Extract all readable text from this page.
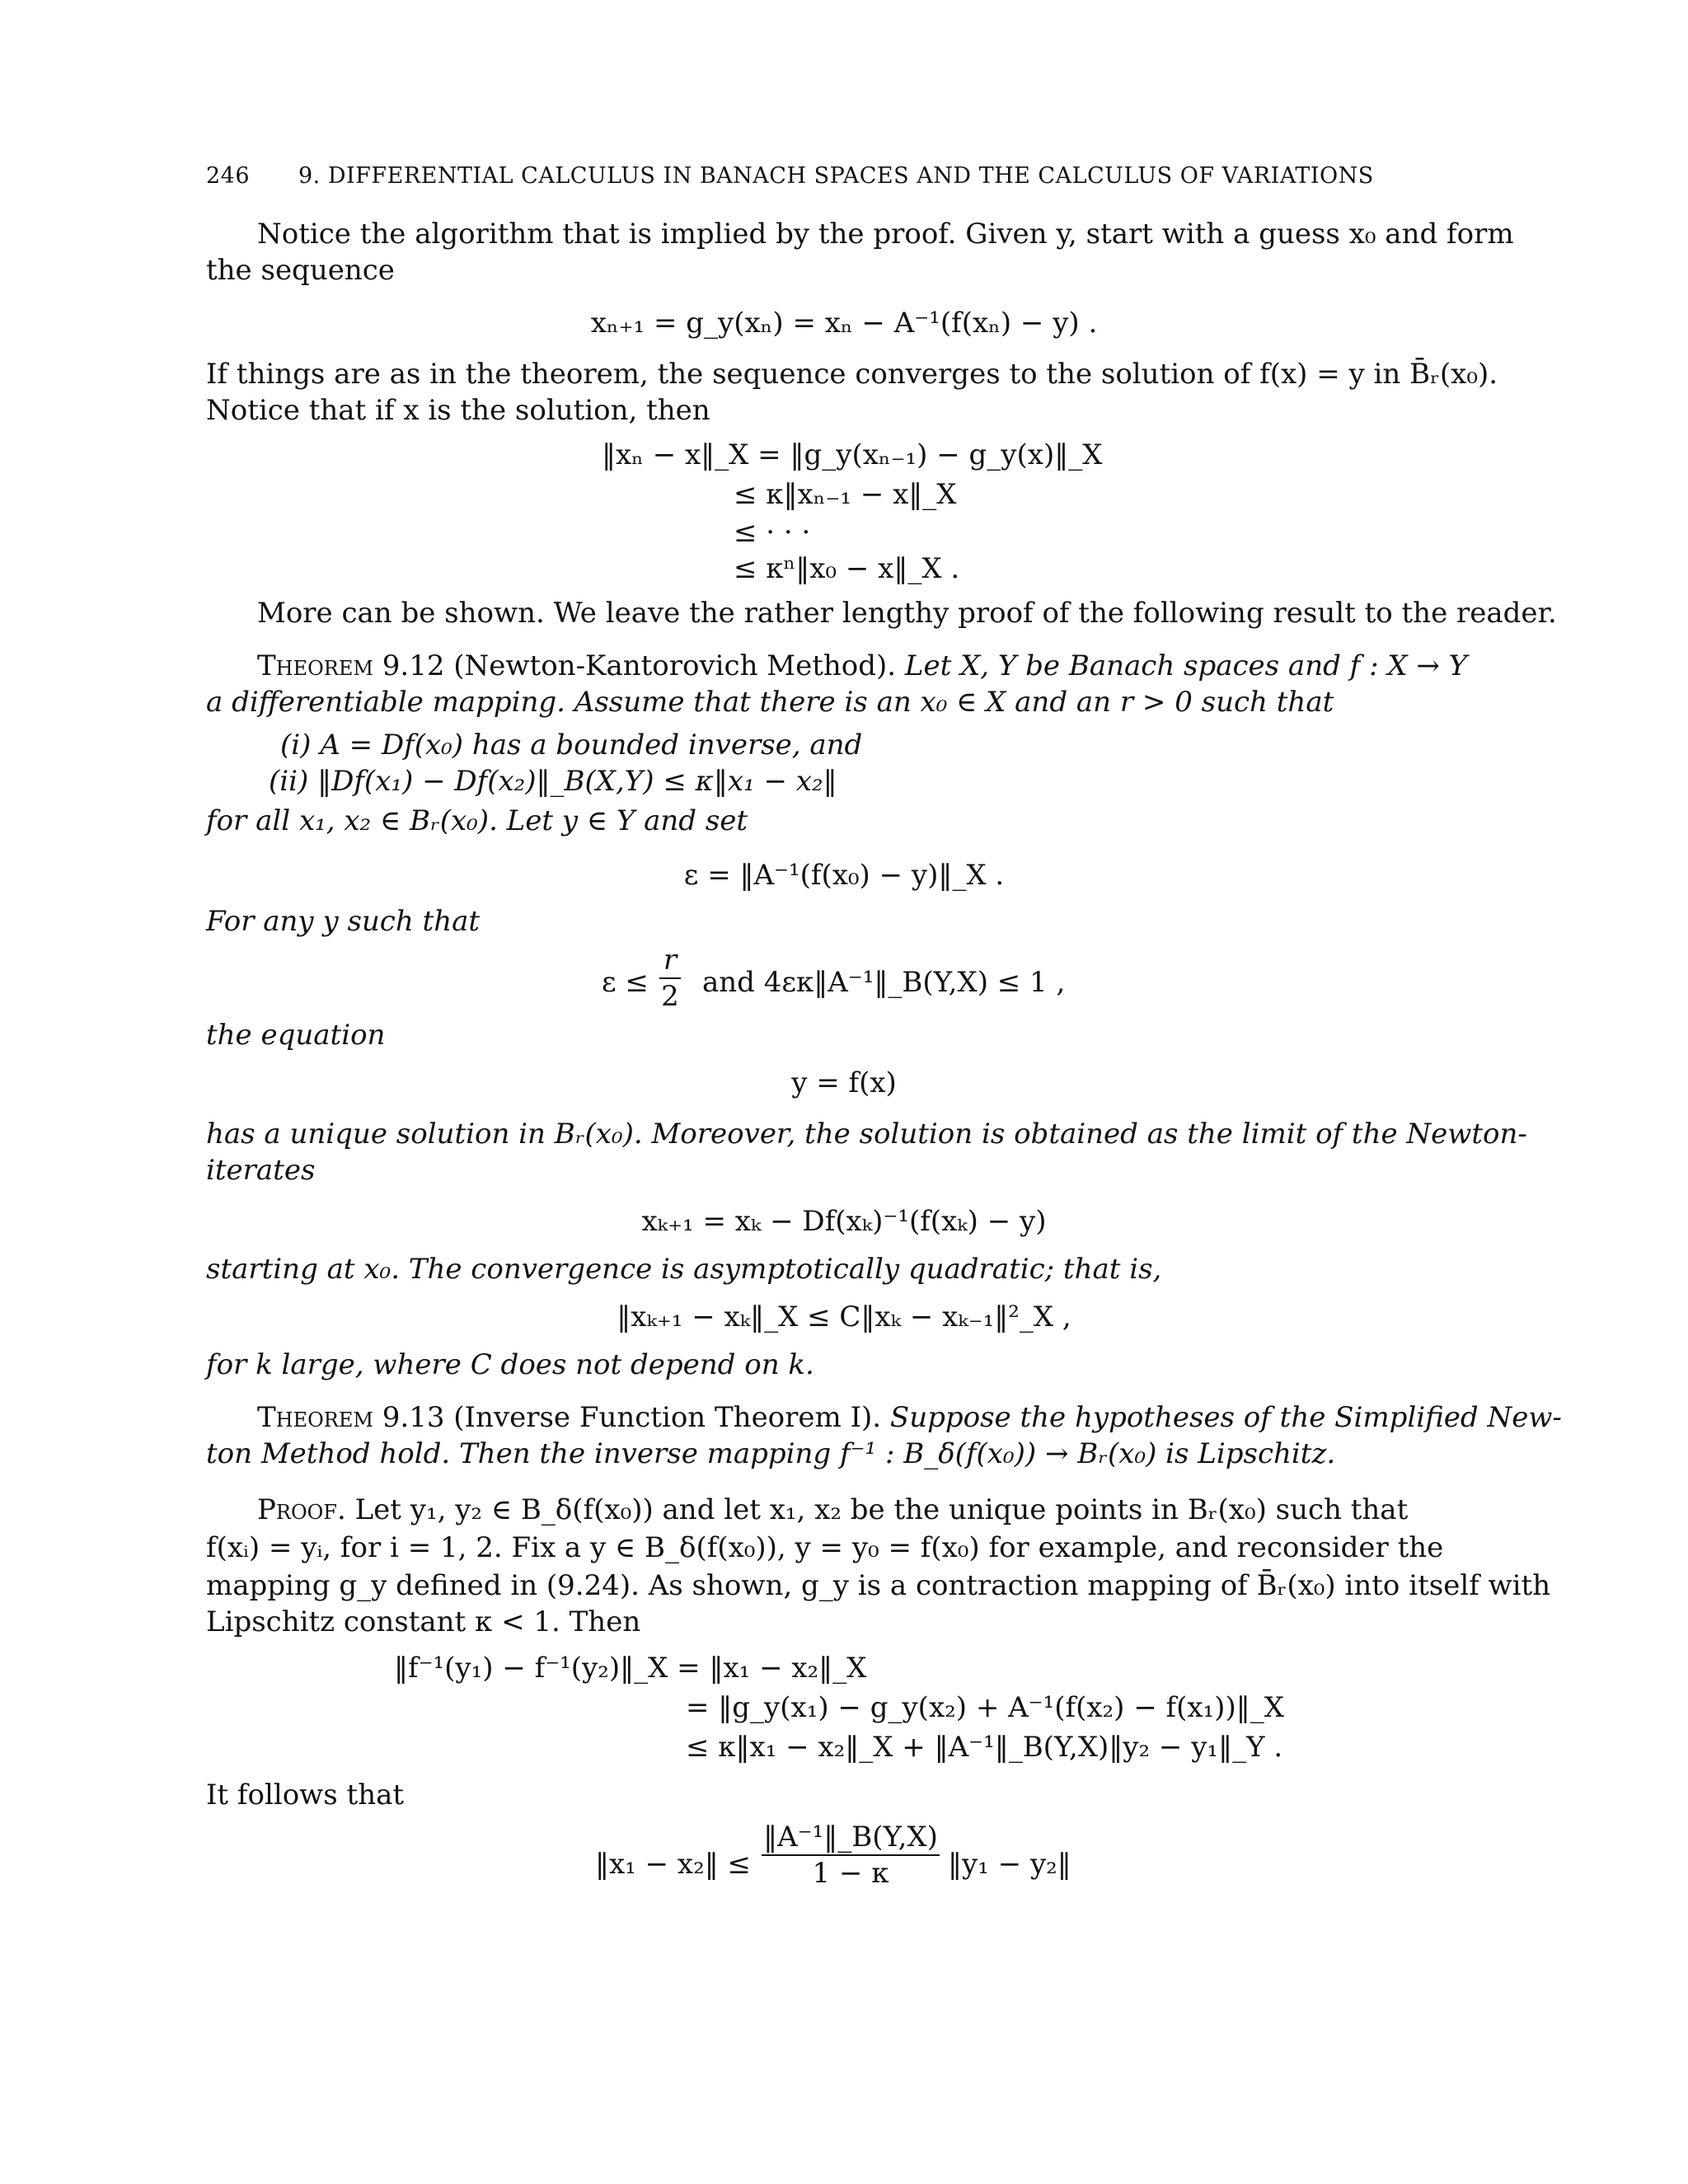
246 9. DIFFERENTIAL CALCULUS IN BANACH SPACES AND THE CALCULUS OF VARIATIONS
Notice the algorithm that is implied by the proof. Given y, start with a guess x₀ and form
the sequence
xₙ₊₁ = g_y(xₙ) = xₙ − A⁻¹(f(xₙ) − y) .
If things are as in the theorem, the sequence converges to the solution of f(x) = y in B̄ᵣ(x₀).
Notice that if x is the solution, then
‖xₙ − x‖_X = ‖g_y(xₙ₋₁) − g_y(x)‖_X
≤ κ‖xₙ₋₁ − x‖_X
≤ · · ·
≤ κⁿ‖x₀ − x‖_X .
More can be shown. We leave the rather lengthy proof of the following result to the reader.
Theorem 9.12 (Newton-Kantorovich Method). Let X, Y be Banach spaces and f : X → Y
a differentiable mapping. Assume that there is an x₀ ∈ X and an r > 0 such that
(i) A = Df(x₀) has a bounded inverse, and
(ii) ‖Df(x₁) − Df(x₂)‖_B(X,Y) ≤ κ‖x₁ − x₂‖
for all x₁, x₂ ∈ Bᵣ(x₀). Let y ∈ Y and set
ε = ‖A⁻¹(f(x₀) − y)‖_X .
For any y such that
ε ≤
r
2 and 4εκ‖A⁻¹‖_B(Y,X) ≤ 1 ,
the equation
y = f(x)
has a unique solution in Bᵣ(x₀). Moreover, the solution is obtained as the limit of the Newton-
iterates
xₖ₊₁ = xₖ − Df(xₖ)⁻¹(f(xₖ) − y)
starting at x₀. The convergence is asymptotically quadratic; that is,
‖xₖ₊₁ − xₖ‖_X ≤ C‖xₖ − xₖ₋₁‖²_X ,
for k large, where C does not depend on k.
Theorem 9.13 (Inverse Function Theorem I). Suppose the hypotheses of the Simplified New-
ton Method hold. Then the inverse mapping f⁻¹ : B_δ(f(x₀)) → Bᵣ(x₀) is Lipschitz.
Proof. Let y₁, y₂ ∈ B_δ(f(x₀)) and let x₁, x₂ be the unique points in Bᵣ(x₀) such that
f(xᵢ) = yᵢ, for i = 1, 2. Fix a y ∈ B_δ(f(x₀)), y = y₀ = f(x₀) for example, and reconsider the
mapping g_y defined in (9.24). As shown, g_y is a contraction mapping of B̄ᵣ(x₀) into itself with
Lipschitz constant κ < 1. Then
‖f⁻¹(y₁) − f⁻¹(y₂)‖_X = ‖x₁ − x₂‖_X
= ‖g_y(x₁) − g_y(x₂) + A⁻¹(f(x₂) − f(x₁))‖_X
≤ κ‖x₁ − x₂‖_X + ‖A⁻¹‖_B(Y,X)‖y₂ − y₁‖_Y .
It follows that
‖x₁ − x₂‖ ≤
‖A⁻¹‖_B(Y,X)
1 − κ	‖y₁ − y₂‖
